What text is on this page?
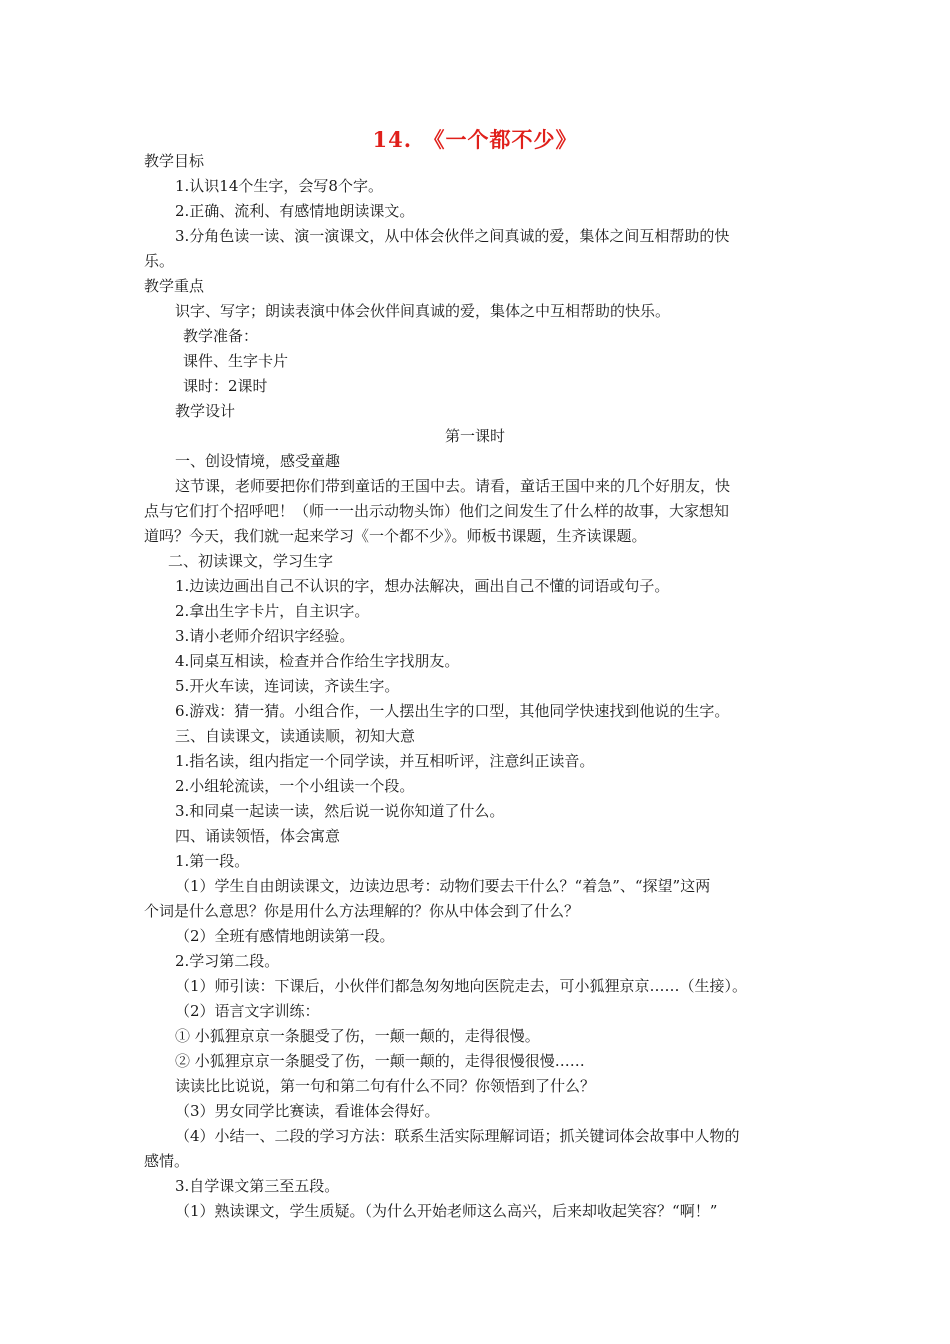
14.　《一个都不少》
教学目标
1.认识14个生字，会写8个字。
2.正确、流利、有感情地朗读课文。
3.分角色读一读、演一演课文，从中体会伙伴之间真诚的爱，集体之间互相帮助的快
乐。
教学重点
识字、写字；朗读表演中体会伙伴间真诚的爱，集体之中互相帮助的快乐。
教学准备：
课件、生字卡片
课时：2课时
教学设计
第一课时
一、创设情境，感受童趣
这节课，老师要把你们带到童话的王国中去。请看，童话王国中来的几个好朋友，快
点与它们打个招呼吧！（师一一出示动物头饰）他们之间发生了什么样的故事，大家想知
道吗？今天，我们就一起来学习《一个都不少》。师板书课题，生齐读课题。
二、初读课文，学习生字
1.边读边画出自己不认识的字，想办法解决，画出自己不懂的词语或句子。
2.拿出生字卡片，自主识字。
3.请小老师介绍识字经验。
4.同桌互相读，检查并合作给生字找朋友。
5.开火车读，连词读，齐读生字。
6.游戏：猜一猜。小组合作，一人摆出生字的口型，其他同学快速找到他说的生字。
三、自读课文，读通读顺，初知大意
1.指名读，组内指定一个同学读，并互相听评，注意纠正读音。
2.小组轮流读，一个小组读一个段。
3.和同桌一起读一读，然后说一说你知道了什么。
四、诵读领悟，体会寓意
1.第一段。
（1）学生自由朗读课文，边读边思考：动物们要去干什么？“着急”、“探望”这两
个词是什么意思？你是用什么方法理解的？你从中体会到了什么？
（2）全班有感情地朗读第一段。
2.学习第二段。
（1）师引读：下课后，小伙伴们都急匆匆地向医院走去，可小狐狸京京……（生接）。
（2）语言文字训练：
① 小狐狸京京一条腿受了伤，一颠一颠的，走得很慢。
② 小狐狸京京一条腿受了伤，一颠一颠的，走得很慢很慢……
读读比比说说，第一句和第二句有什么不同？你领悟到了什么？
（3）男女同学比赛读，看谁体会得好。
（4）小结一、二段的学习方法：联系生活实际理解词语；抓关键词体会故事中人物的
感情。
3.自学课文第三至五段。
（1）熟读课文，学生质疑。（为什么开始老师这么高兴，后来却收起笑容？“啊！”
